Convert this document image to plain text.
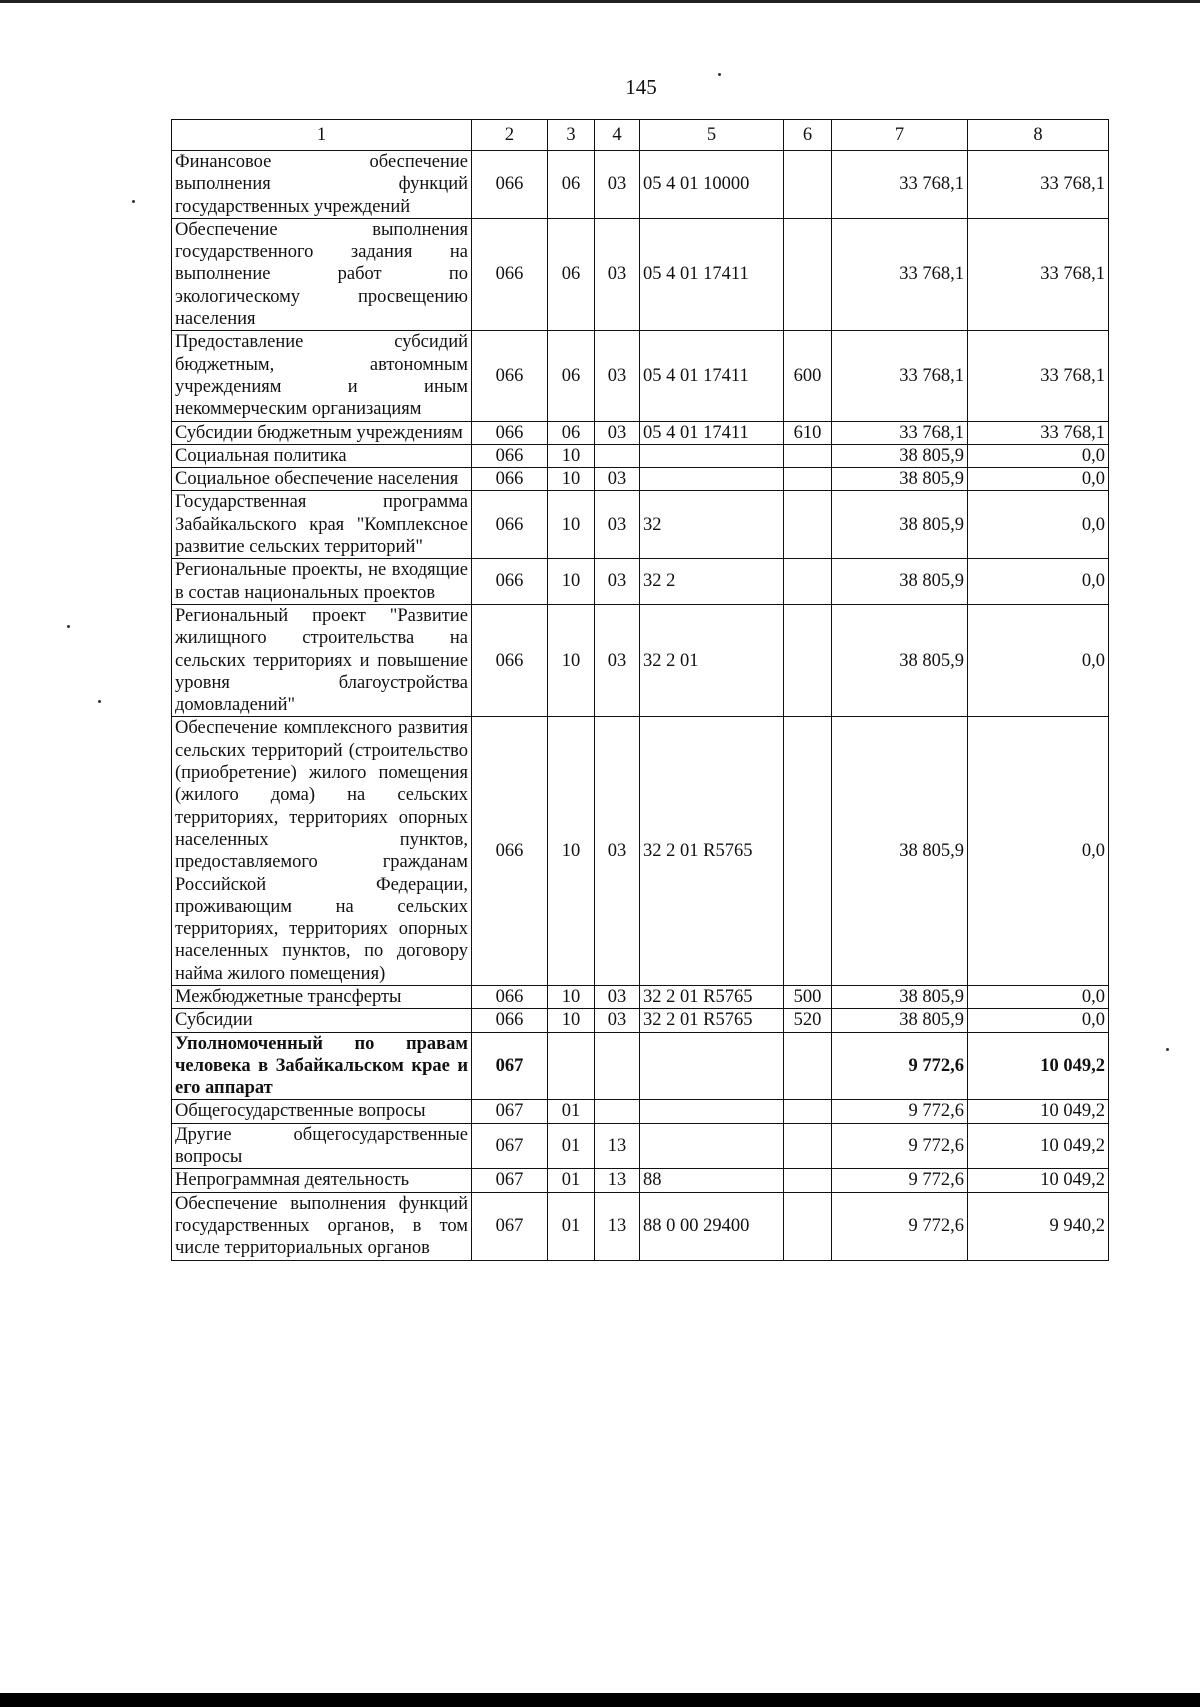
145
1	2	3	4	5	6	7	8
Финансовое обеспечение выполнения функций государственных учреждений	066	06	03	05 4 01 10000		33 768,1	33 768,1
Обеспечение выполнения государственного задания на выполнение работ по экологическому просвещению населения	066	06	03	05 4 01 17411		33 768,1	33 768,1
Предоставление субсидий бюджетным, автономным учреждениям и иным некоммерческим организациям	066	06	03	05 4 01 17411	600	33 768,1	33 768,1
Субсидии бюджетным учреждениям	066	06	03	05 4 01 17411	610	33 768,1	33 768,1
Социальная политика	066	10				38 805,9	0,0
Социальное обеспечение населения	066	10	03			38 805,9	0,0
Государственная программа Забайкальского края "Комплексное развитие сельских территорий"	066	10	03	32		38 805,9	0,0
Региональные проекты, не входящие в состав национальных проектов	066	10	03	32 2		38 805,9	0,0
Региональный проект "Развитие жилищного строительства на сельских территориях и повышение уровня благоустройства домовладений"	066	10	03	32 2 01		38 805,9	0,0
Обеспечение комплексного развития сельских территорий (строительство (приобретение) жилого помещения (жилого дома) на сельских территориях, территориях опорных населенных пунктов, предоставляемого гражданам Российской Федерации, проживающим на сельских территориях, территориях опорных населенных пунктов, по договору найма жилого помещения)	066	10	03	32 2 01 R5765		38 805,9	0,0
Межбюджетные трансферты	066	10	03	32 2 01 R5765	500	38 805,9	0,0
Субсидии	066	10	03	32 2 01 R5765	520	38 805,9	0,0
Уполномоченный по правам человека в Забайкальском крае и его аппарат	067					9 772,6	10 049,2
Общегосударственные вопросы	067	01				9 772,6	10 049,2
Другие общегосударственные вопросы	067	01	13			9 772,6	10 049,2
Непрограммная деятельность	067	01	13	88		9 772,6	10 049,2
Обеспечение выполнения функций государственных органов, в том числе территориальных органов	067	01	13	88 0 00 29400		9 772,6	9 940,2
